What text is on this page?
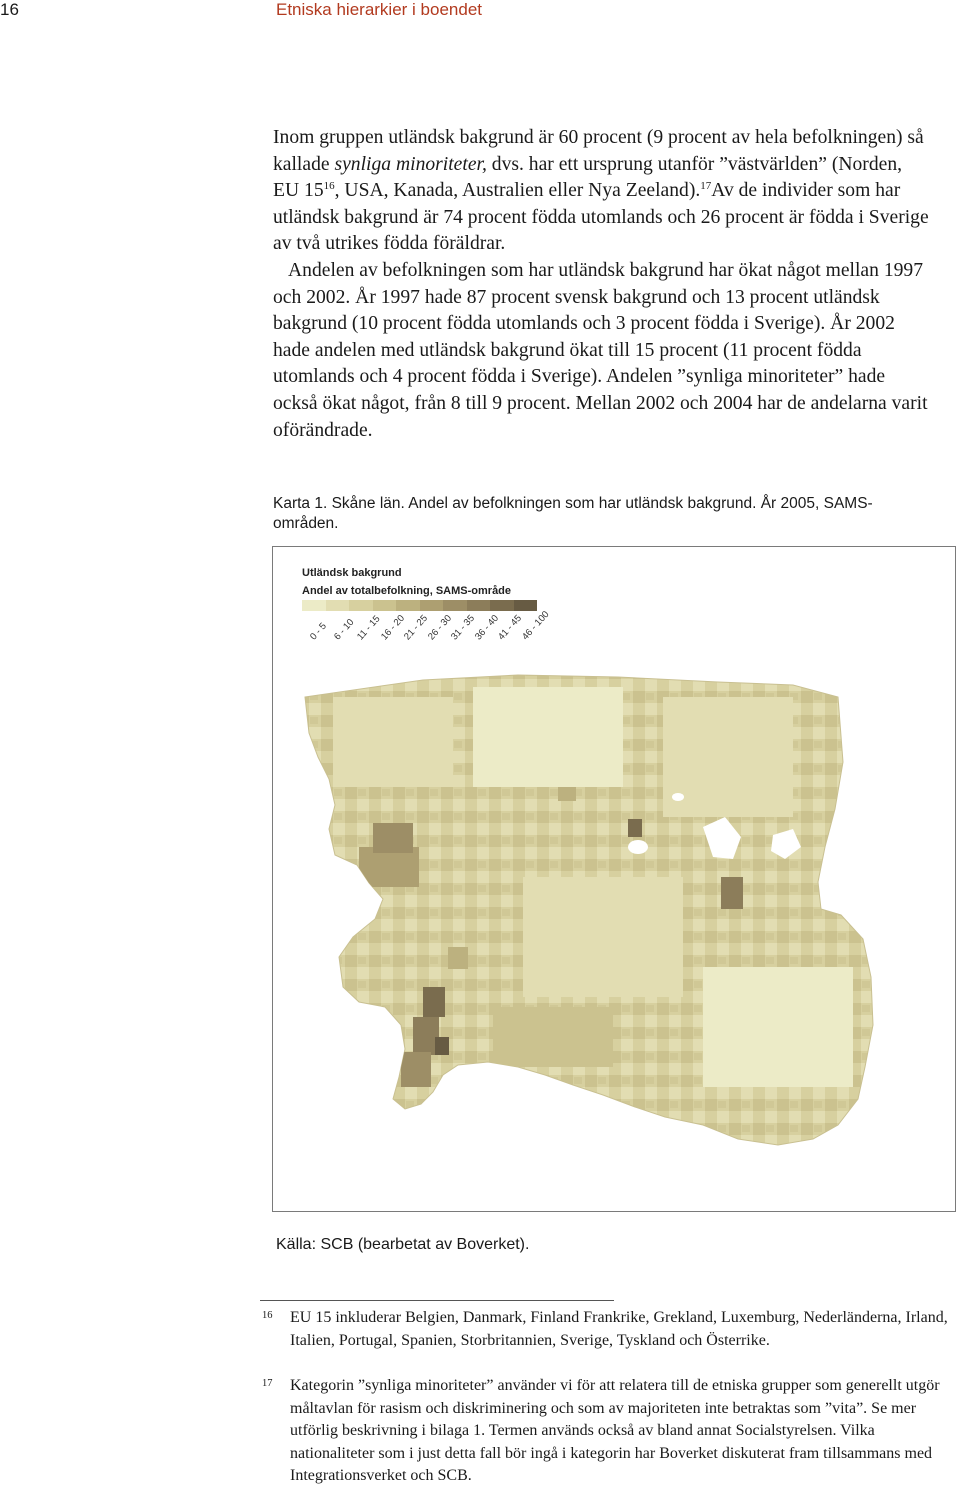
16	Etniska hierarkier i boendet

Inom gruppen utländsk bakgrund är 60 procent (9 procent av hela befolkningen) så kallade synliga minoriteter, dvs. har ett ursprung utanför ”västvärlden” (Norden, EU $15^{16}$, USA, Kanada, Australien eller Nya Zeeland).$^{17}$Av de individer som har utländsk bakgrund är 74 procent födda utomlands och 26 procent är födda i Sverige av två utrikes födda föräldrar.

Andelen av befolkningen som har utländsk bakgrund har ökat något mellan 1997 och 2002. År 1997 hade 87 procent svensk bakgrund och 13 procent utländsk bakgrund (10 procent födda utomlands och 3 procent födda i Sverige). År 2002 hade andelen med utländsk bakgrund ökat till 15 procent (11 procent födda utomlands och 4 procent födda i Sverige). Andelen ”synliga minoriteter” hade också ökat något, från 8 till 9 procent. Mellan 2002 och 2004 har de andelarna varit oförändrade.

Karta 1. Skåne län. Andel av befolkningen som har utländsk bakgrund. År 2005, SAMS-områden.
Utländsk bakgrund
Andel av totalbefolkning, SAMS-område
0 - 5 6 - 10 11 - 15
16 - 20
21 - 25
26 - 30
31 - 35
36 - 40
41 - 45
46 - 100
Källa: SCB (bearbetat av Boverket).
16 EU 15 inkluderar Belgien, Danmark, Finland Frankrike, Grekland, Luxemburg, Nederländerna, Irland, Italien, Portugal, Spanien, Storbritannien, Sverige, Tyskland och Österrike.
17 Kategorin ”synliga minoriteter” använder vi för att relatera till de etniska grupper som generellt utgör måltavlan för rasism och diskriminering och som av majoriteten inte betraktas som ”vita”. Se mer utförlig beskrivning i bilaga 1. Termen används också av bland annat Socialstyrelsen. Vilka nationaliteter som i just detta fall bör ingå i kategorin har Boverket diskuterat fram tillsammans med Integrationsverket och SCB.
